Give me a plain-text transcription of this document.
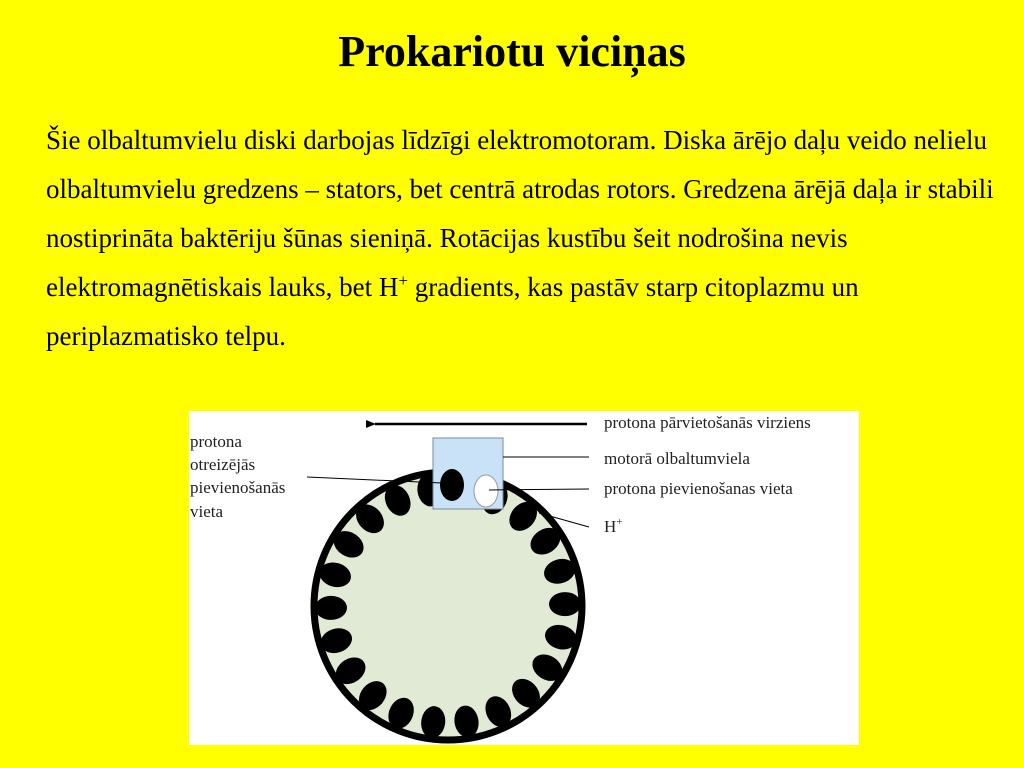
Prokariotu viciņas

Šie olbaltumvielu diski darbojas līdzīgi elektromotoram. Diska ārējo daļu veido nelielu olbaltumvielu gredzens – stators, bet centrā atrodas rotors. Gredzena ārējā daļa ir stabili nostiprināta baktēriju šūnas sieniņā. Rotācijas kustību šeit nodrošina nevis elektromagnētiskais lauks, bet H+ gradients, kas pastāv starp citoplazmu un periplazmatisko telpu.

protona
otreizējās
pievienošanās
vieta
protona pārvietošanās virziens
motorā olbaltumviela
protona pievienošanas vieta
H+
